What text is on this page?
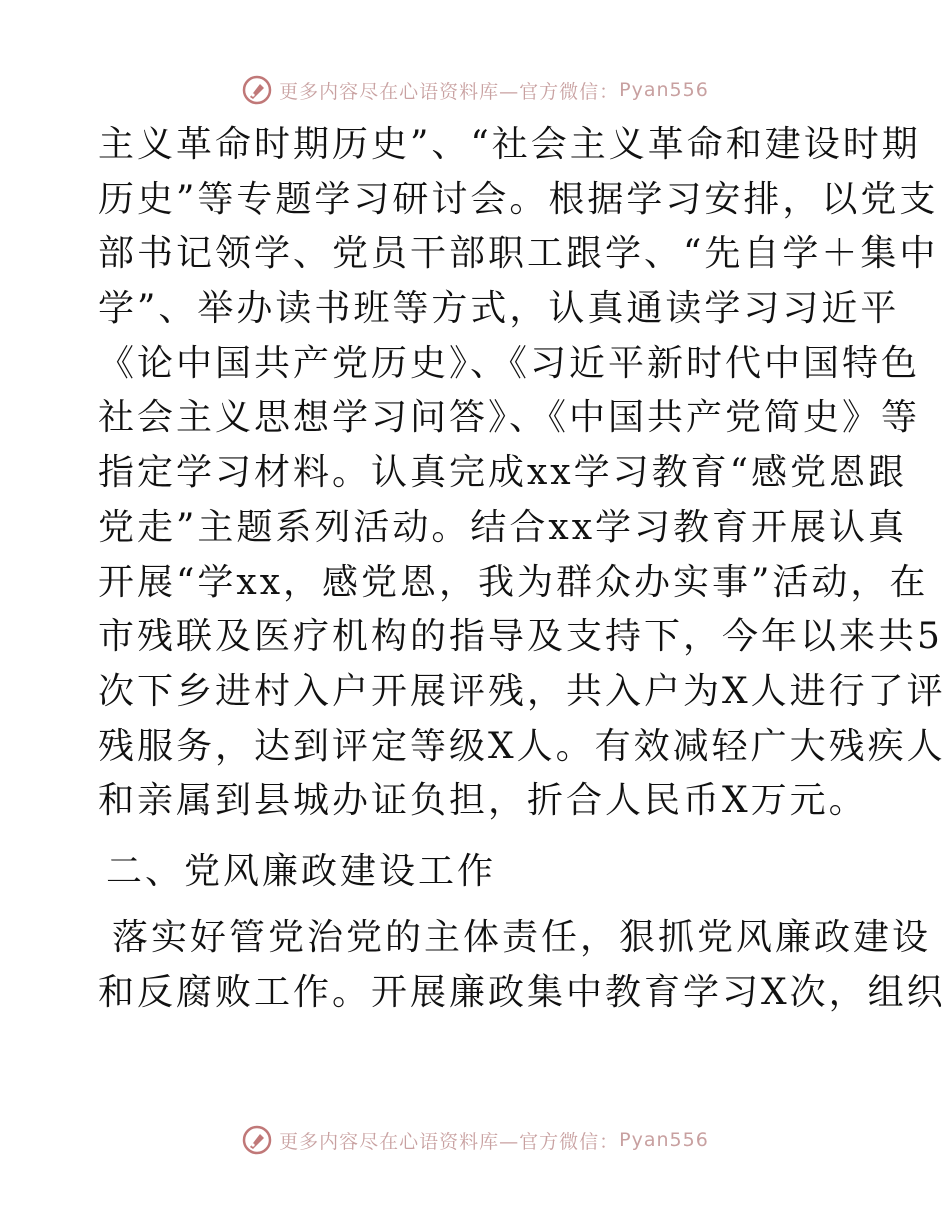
更多内容尽在心语资料库—官方微信： Pyan556
主义革命时期历史”、“社会主义革命和建设时期
历史”等专题学习研讨会。根据学习安排，以党支
部书记领学、党员干部职工跟学、“先自学＋集中
学”、举办读书班等方式，认真通读学习习近平
《论中国共产党历史》、《习近平新时代中国特色
社会主义思想学习问答》、《中国共产党简史》等
指定学习材料。认真完成xx学习教育“感党恩跟
党走”主题系列活动。结合xx学习教育开展认真
开展“学xx，感党恩，我为群众办实事”活动，在
市残联及医疗机构的指导及支持下，今年以来共5
次下乡进村入户开展评残，共入户为X人进行了评
残服务，达到评定等级X人。有效减轻广大残疾人
和亲属到县城办证负担，折合人民币X万元。
二、党风廉政建设工作
落实好管党治党的主体责任，狠抓党风廉政建设
和反腐败工作。开展廉政集中教育学习X次，组织
更多内容尽在心语资料库—官方微信： Pyan556
